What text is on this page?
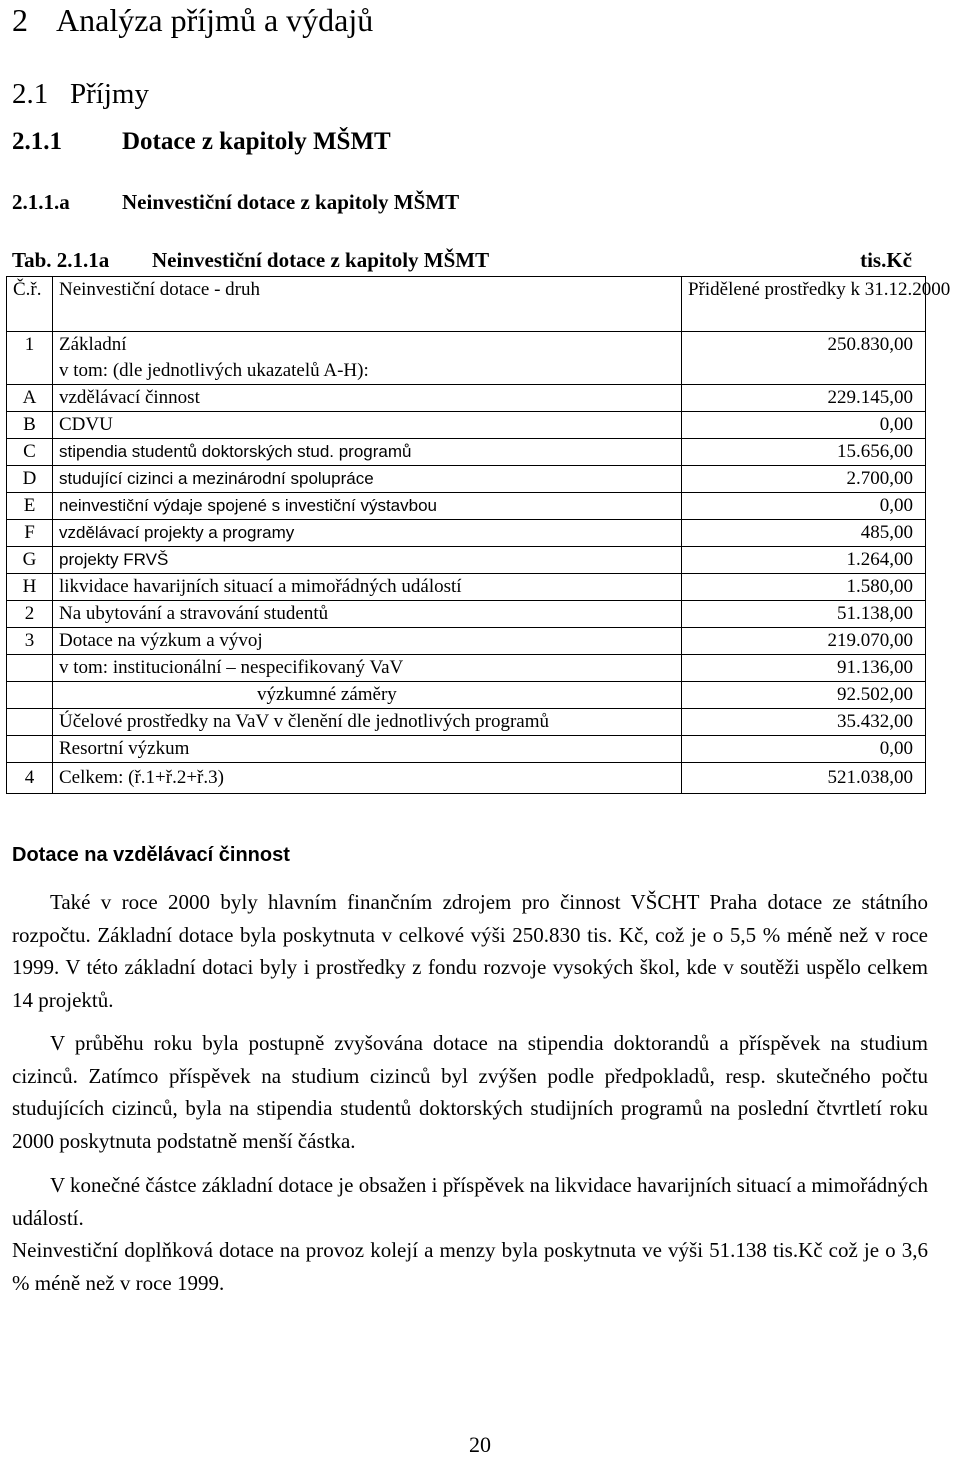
2 Analýza příjmů a výdajů
2.1 Příjmy
2.1.1 Dotace z kapitoly MŠMT
2.1.1.a Neinvestiční dotace z kapitoly MŠMT
Tab. 2.1.1a Neinvestiční dotace z kapitoly MŠMT	tis.Kč
Č.ř.	Neinvestiční dotace - druh	Přidělené prostředky k 31.12.2000
1	Základní	250.830,00
	v tom: (dle jednotlivých ukazatelů A-H):	
A	vzdělávací činnost	229.145,00
B	CDVU	0,00
C	stipendia studentů doktorských stud. programů	15.656,00
D	studující cizinci a mezinárodní spolupráce	2.700,00
E	neinvestiční výdaje spojené s investiční výstavbou	0,00
F	vzdělávací projekty a programy	485,00
G	projekty FRVŠ	1.264,00
H	likvidace havarijních situací a mimořádných událostí	1.580,00
2	Na ubytování a stravování studentů	51.138,00
3	Dotace na výzkum a vývoj	219.070,00
	v tom: institucionální – nespecifikovaný VaV	91.136,00
	výzkumné záměry	92.502,00
	Účelové prostředky na VaV v členění dle jednotlivých programů	35.432,00
	Resortní výzkum	0,00
4	Celkem: (ř.1+ř.2+ř.3)	521.038,00
Dotace na vzdělávací činnost
Také v roce 2000 byly hlavním finančním zdrojem pro činnost VŠCHT Praha dotace ze státního rozpočtu. Základní dotace byla poskytnuta v celkové výši 250.830 tis. Kč, což je o 5,5 % méně než v roce 1999. V této základní dotaci byly i prostředky z fondu rozvoje vysokých škol, kde v soutěži uspělo celkem 14 projektů.
V průběhu roku byla postupně zvyšována dotace na stipendia doktorandů a příspěvek na studium cizinců. Zatímco příspěvek na studium cizinců byl zvýšen podle předpokladů, resp. skutečného počtu studujících cizinců, byla na stipendia studentů doktorských studijních programů na poslední čtvrtletí roku 2000 poskytnuta podstatně menší částka.
V konečné částce základní dotace je obsažen i příspěvek na likvidace havarijních situací a mimořádných událostí.
Neinvestiční doplňková dotace na provoz kolejí a menzy byla poskytnuta ve výši 51.138 tis.Kč což je o 3,6 % méně než v roce 1999.
20
